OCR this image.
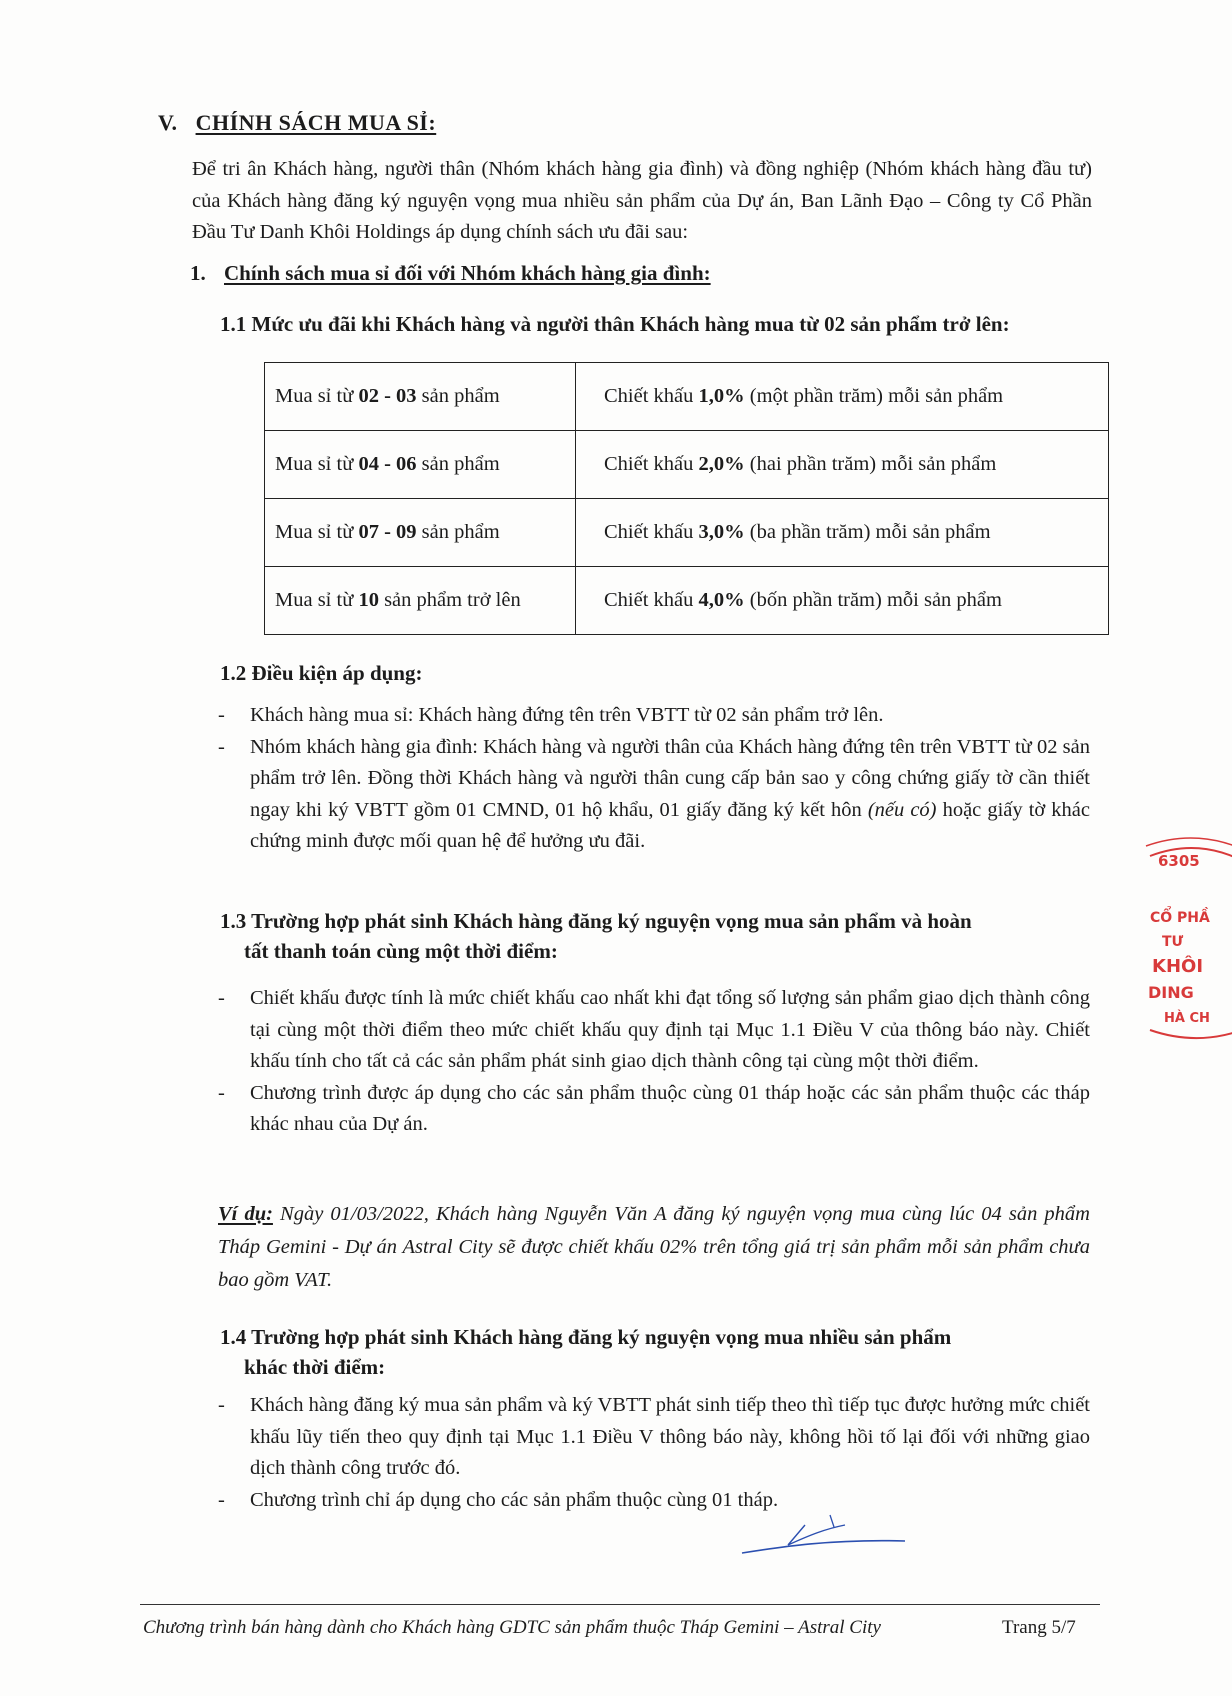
V. CHÍNH SÁCH MUA SỈ:
Để tri ân Khách hàng, người thân (Nhóm khách hàng gia đình) và đồng nghiệp (Nhóm khách hàng đầu tư) của Khách hàng đăng ký nguyện vọng mua nhiều sản phẩm của Dự án, Ban Lãnh Đạo – Công ty Cổ Phần Đầu Tư Danh Khôi Holdings áp dụng chính sách ưu đãi sau:
1. Chính sách mua sỉ đối với Nhóm khách hàng gia đình:
1.1 Mức ưu đãi khi Khách hàng và người thân Khách hàng mua từ 02 sản phẩm trở lên:
Mua sỉ từ 02 - 03 sản phẩm	Chiết khấu 1,0% (một phần trăm) mỗi sản phẩm
Mua sỉ từ 04 - 06 sản phẩm	Chiết khấu 2,0% (hai phần trăm) mỗi sản phẩm
Mua sỉ từ 07 - 09 sản phẩm	Chiết khấu 3,0% (ba phần trăm) mỗi sản phẩm
Mua sỉ từ 10 sản phẩm trở lên	Chiết khấu 4,0% (bốn phần trăm) mỗi sản phẩm
1.2 Điều kiện áp dụng:
- Khách hàng mua sỉ: Khách hàng đứng tên trên VBTT từ 02 sản phẩm trở lên.
- Nhóm khách hàng gia đình: Khách hàng và người thân của Khách hàng đứng tên trên VBTT từ 02 sản phẩm trở lên. Đồng thời Khách hàng và người thân cung cấp bản sao y công chứng giấy tờ cần thiết ngay khi ký VBTT gồm 01 CMND, 01 hộ khẩu, 01 giấy đăng ký kết hôn (nếu có) hoặc giấy tờ khác chứng minh được mối quan hệ để hưởng ưu đãi.
1.3 Trường hợp phát sinh Khách hàng đăng ký nguyện vọng mua sản phẩm và hoàn
tất thanh toán cùng một thời điểm:
- Chiết khấu được tính là mức chiết khấu cao nhất khi đạt tổng số lượng sản phẩm giao dịch thành công tại cùng một thời điểm theo mức chiết khấu quy định tại Mục 1.1 Điều V của thông báo này. Chiết khấu tính cho tất cả các sản phẩm phát sinh giao dịch thành công tại cùng một thời điểm.
- Chương trình được áp dụng cho các sản phẩm thuộc cùng 01 tháp hoặc các sản phẩm thuộc các tháp khác nhau của Dự án.
Ví dụ: Ngày 01/03/2022, Khách hàng Nguyễn Văn A đăng ký nguyện vọng mua cùng lúc 04 sản phẩm Tháp Gemini - Dự án Astral City sẽ được chiết khấu 02% trên tổng giá trị sản phẩm mỗi sản phẩm chưa bao gồm VAT.
1.4 Trường hợp phát sinh Khách hàng đăng ký nguyện vọng mua nhiều sản phẩm
khác thời điểm:
- Khách hàng đăng ký mua sản phẩm và ký VBTT phát sinh tiếp theo thì tiếp tục được hưởng mức chiết khấu lũy tiến theo quy định tại Mục 1.1 Điều V thông báo này, không hồi tố lại đối với những giao dịch thành công trước đó.
- Chương trình chỉ áp dụng cho các sản phẩm thuộc cùng 01 tháp.
6305
CỔ PHẦ
TƯ
KHÔI
DING
HÀ CH
Chương trình bán hàng dành cho Khách hàng GDTC sản phẩm thuộc Tháp Gemini – Astral City	Trang 5/7
